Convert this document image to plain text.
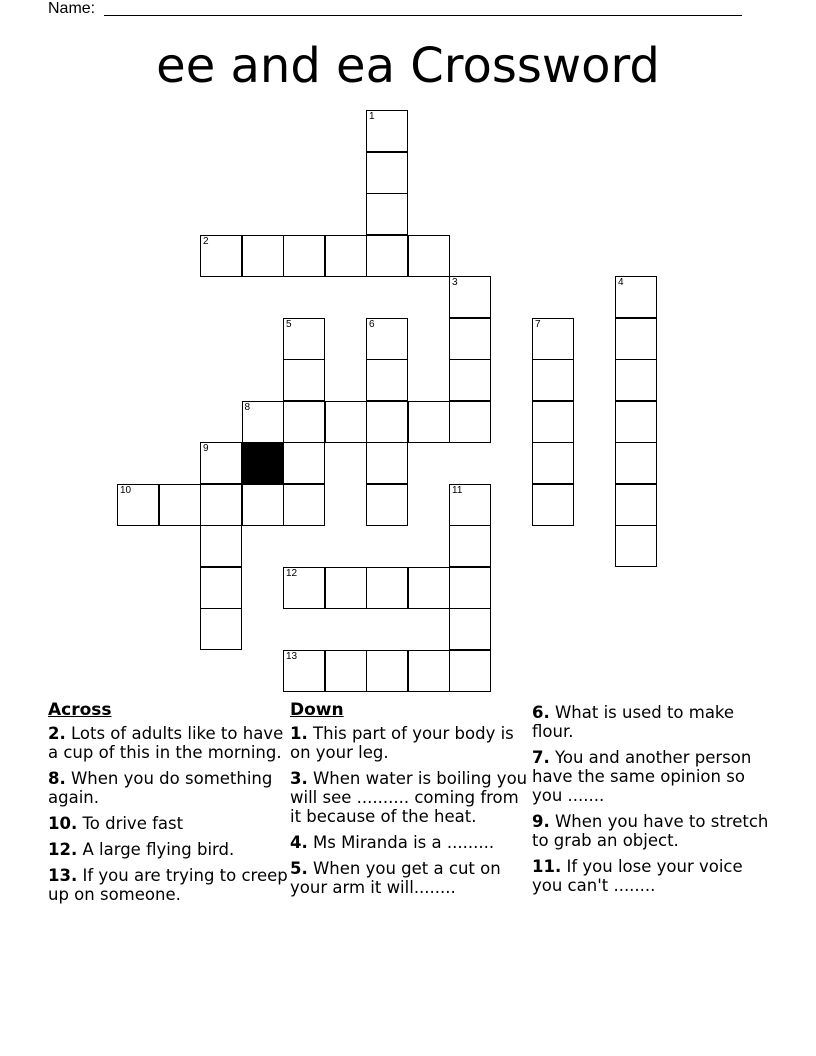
Name:
ee and ea Crossword
1
2
3	4
5	6	7
8
9
10	11
12
13
Across
2. Lots of adults like to have a cup of this in the morning.
8. When you do something again.
10. To drive fast
12. A large flying bird.
13. If you are trying to creep up on someone.
Down
1. This part of your body is on your leg.
3. When water is boiling you will see .......... coming from it because of the heat.
4. Ms Miranda is a .........
5. When you get a cut on your arm it will........
6. What is used to make flour.
7. You and another person have the same opinion so you .......
9. When you have to stretch to grab an object.
11. If you lose your voice you can't ........
